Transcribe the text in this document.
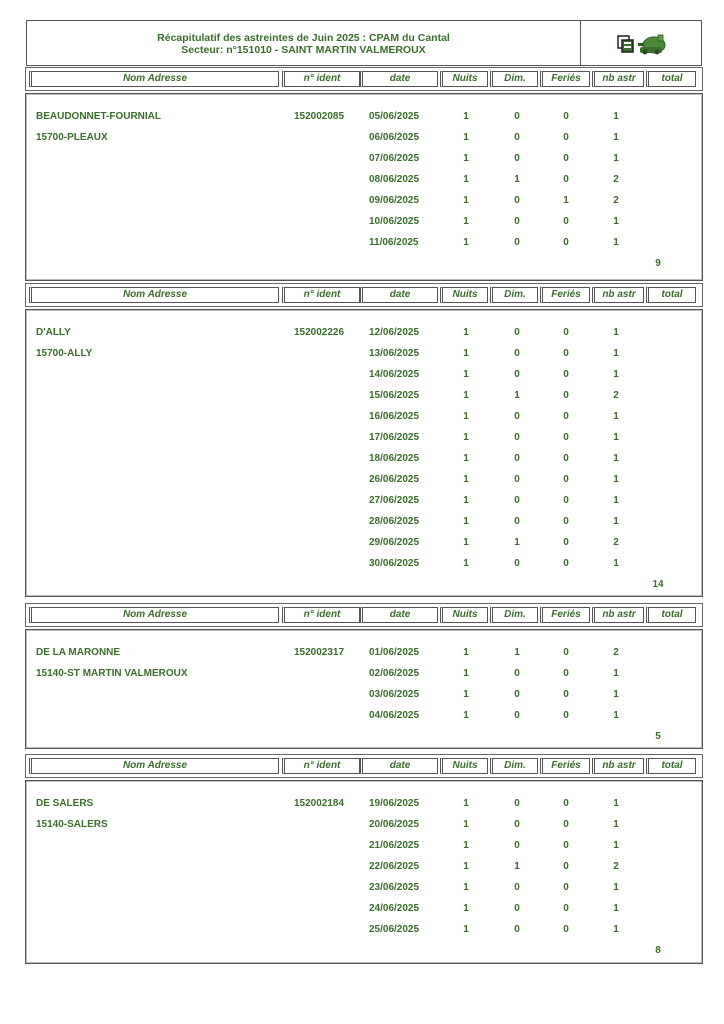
Récapitulatif des astreintes de Juin 2025 : CPAM du Cantal
Secteur: n°151010 - SAINT MARTIN VALMEROUX
Nom Adresse	n° ident	date	Nuits	Dim.	Feriés	nb astr	total
BEAUDONNET-FOURNIAL
15700-PLEAUX
152002085 05/06/2025	1	0	0	1
06/06/2025	1	0	0	1
07/06/2025	1	0	0	1
08/06/2025	1	1	0	2
09/06/2025	1	0	1	2
10/06/2025	1	0	0	1
11/06/2025	1	0	0	1
9
Nom Adresse	n° ident	date	Nuits	Dim.	Feriés	nb astr	total
D'ALLY
15700-ALLY
152002226 12/06/2025	1	0	0	1
13/06/2025	1	0	0	1
14/06/2025	1	0	0	1
15/06/2025	1	1	0	2
16/06/2025	1	0	0	1
17/06/2025	1	0	0	1
18/06/2025	1	0	0	1
26/06/2025	1	0	0	1
27/06/2025	1	0	0	1
28/06/2025	1	0	0	1
29/06/2025	1	1	0	2
30/06/2025	1	0	0	1
14
Nom Adresse	n° ident	date	Nuits	Dim.	Feriés	nb astr	total
DE LA MARONNE
15140-ST MARTIN VALMEROUX
152002317 01/06/2025	1	1	0	2
02/06/2025	1	0	0	1
03/06/2025	1	0	0	1
04/06/2025	1	0	0	1
5
Nom Adresse	n° ident	date	Nuits	Dim.	Feriés	nb astr	total
DE SALERS
15140-SALERS
152002184 19/06/2025	1	0	0	1
20/06/2025	1	0	0	1
21/06/2025	1	0	0	1
22/06/2025	1	1	0	2
23/06/2025	1	0	0	1
24/06/2025	1	0	0	1
25/06/2025	1	0	0	1
8
